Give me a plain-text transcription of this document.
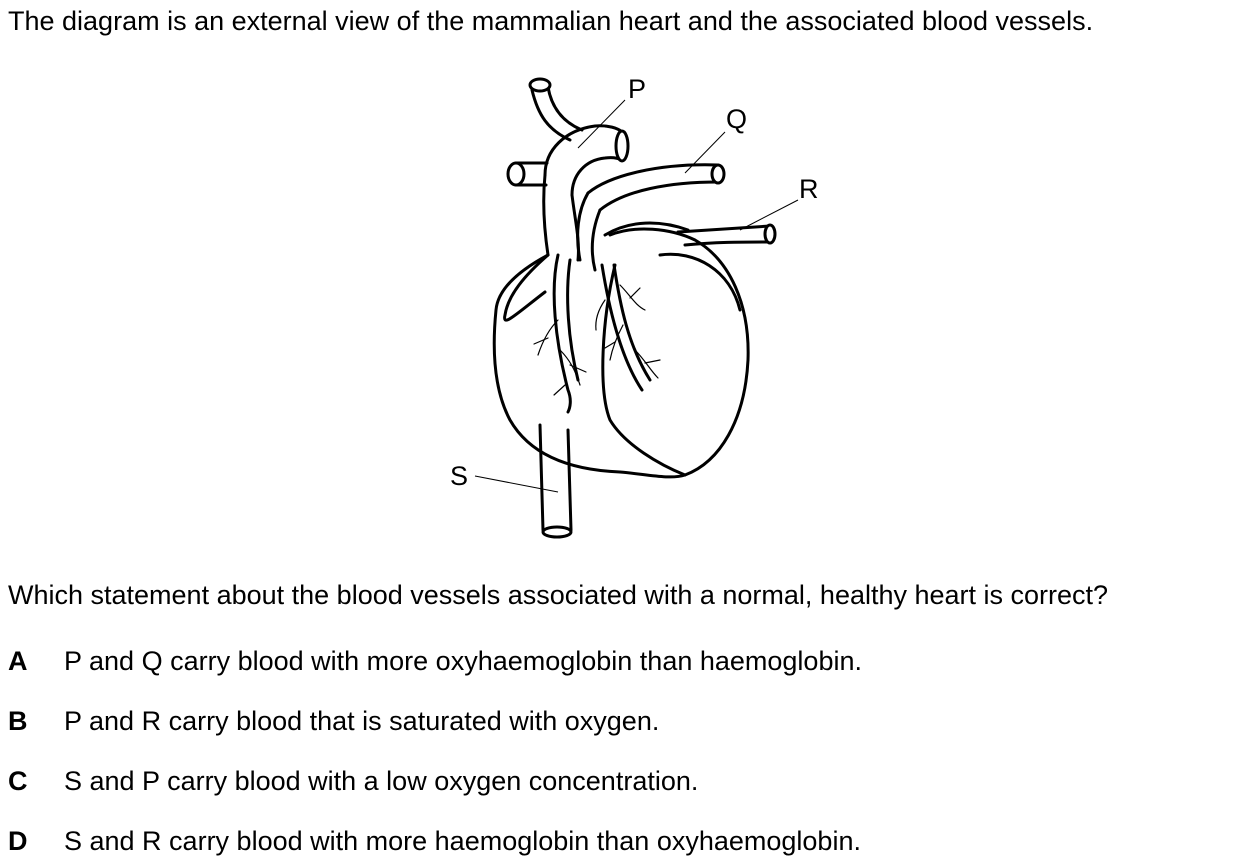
The diagram is an external view of the mammalian heart and the associated blood vessels.
P
Q
R
S
Which statement about the blood vessels associated with a normal, healthy heart is correct?
A P and Q carry blood with more oxyhaemoglobin than haemoglobin.
B P and R carry blood that is saturated with oxygen.
C S and P carry blood with a low oxygen concentration.
D S and R carry blood with more haemoglobin than oxyhaemoglobin.
